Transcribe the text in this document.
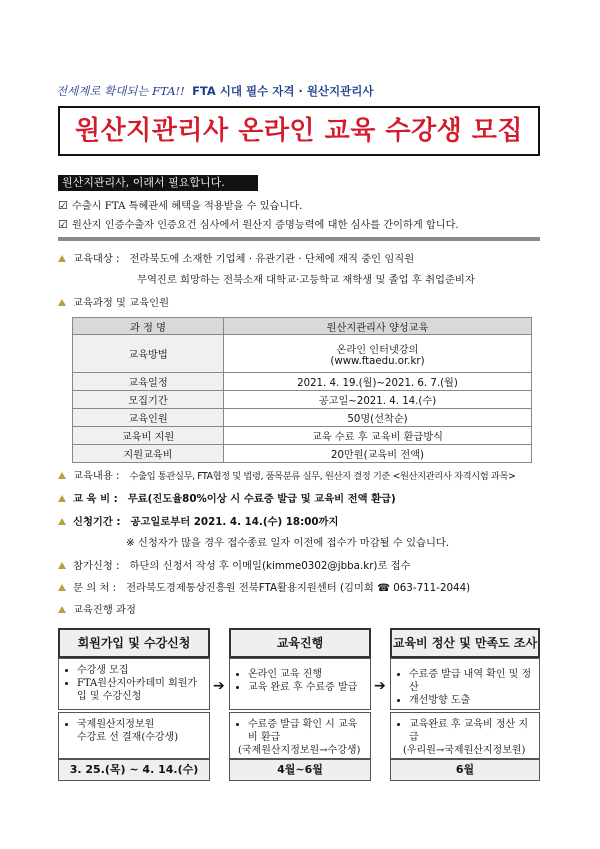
전세계로 확대되는 FTA!! FTA 시대 필수 자격 · 원산지관리사
원산지관리사 온라인 교육 수강생 모집
원산지관리사, 이래서 필요합니다.
☑ 수출시 FTA 특혜관세 혜택을 적용받을 수 있습니다.
☑ 원산지 인증수출자 인증요건 심사에서 원산지 증명능력에 대한 심사를 간이하게 합니다.
교육대상 : 전라북도에 소재한 기업체 · 유관기관 · 단체에 재직 중인 임직원
무역진로 희망하는 전북소재 대학교·고등학교 재학생 및 졸업 후 취업준비자
교육과정 및 교육인원
과 정 명	원산지관리사 양성교육
교육방법	온라인 인터넷강의
(www.ftaedu.or.kr)

교육일정	2021. 4. 19.(월)~2021. 6. 7.(월)
모집기간	공고일~2021. 4. 14.(수)
교육인원	50명(선착순)
교육비 지원	교육 수료 후 교육비 환급방식
지원교육비	20만원(교육비 전액)
교육내용 : 수출입 통관실무, FTA협정 및 법령, 품목분류 실무, 원산지 결정 기준 <원산지관리사 자격시험 과목>
교 육 비 : 무료(진도율80%이상 시 수료증 발급 및 교육비 전액 환급)
신청기간 : 공고일로부터 2021. 4. 14.(수) 18:00까지
※ 신청자가 많을 경우 접수종료 일자 이전에 접수가 마감될 수 있습니다.
참가신청 : 하단의 신청서 작성 후 이메일(kimme0302@jbba.kr)로 접수
문 의 처 : 전라북도경제통상진흥원 전북FTA활용지원센터 (김미희 ☎ 063-711-2044)
교육진행 과정
회원가입 및 수강신청
• 수강생 모집
• FTA원산지아카데미 회원가입 및 수강신청
• 국제원산지정보원
수강료 선 결재(수강생)
3. 25.(목) ~ 4. 14.(수)
➔
교육진행
• 온라인 교육 진행
• 교육 완료 후 수료증 발급
• 수료증 발급 확인 시 교육비 환급
(국제원산지정보원→수강생)
4월~6월
➔
교육비 정산 및 만족도 조사
• 수료증 발급 내역 확인 및 정산
• 개선방향 도출
• 교육완료 후 교육비 정산 지급
(우리원→국제원산지정보원)
6월
